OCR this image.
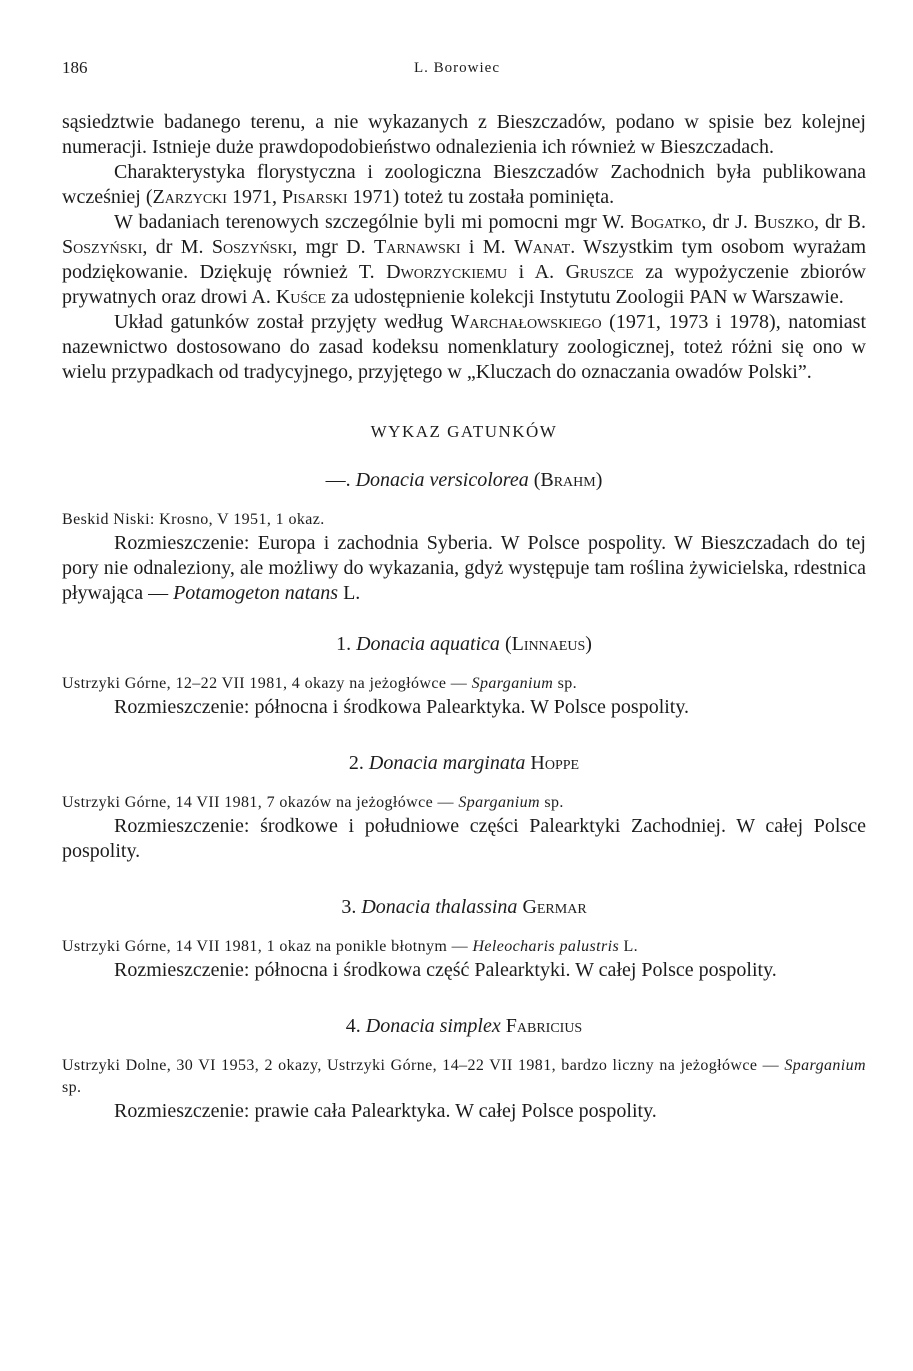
186	L. Borowiec

sąsiedztwie badanego terenu, a nie wykazanych z Bieszczadów, podano w spisie bez kolejnej numeracji. Istnieje duże prawdopodobieństwo odnalezienia ich również w Bieszczadach.

Charakterystyka florystyczna i zoologiczna Bieszczadów Zachodnich była publikowana wcześniej (Zarzycki 1971, Pisarski 1971) toteż tu została pominięta.

W badaniach terenowych szczególnie byli mi pomocni mgr W. Bogatko, dr J. Buszko, dr B. Soszyński, dr M. Soszyński, mgr D. Tarnawski i M. Wanat. Wszystkim tym osobom wyrażam podziękowanie. Dziękuję również T. Dworzyckiemu i A. Gruszce za wypożyczenie zbiorów prywatnych oraz drowi A. Kuśce za udostępnienie kolekcji Instytutu Zoologii PAN w Warszawie.

Układ gatunków został przyjęty według Warchałowskiego (1971, 1973 i 1978), natomiast nazewnictwo dostosowano do zasad kodeksu nomenklatury zoologicznej, toteż różni się ono w wielu przypadkach od tradycyjnego, przyjętego w „Kluczach do oznaczania owadów Polski”.

WYKAZ GATUNKÓW
—. Donacia versicolorea (Brahm)

Beskid Niski: Krosno, V 1951, 1 okaz.

Rozmieszczenie: Europa i zachodnia Syberia. W Polsce pospolity. W Bieszczadach do tej pory nie odnaleziony, ale możliwy do wykazania, gdyż występuje tam roślina żywicielska, rdestnica pływająca — Potamogeton natans L.

1. Donacia aquatica (Linnaeus)

Ustrzyki Górne, 12–22 VII 1981, 4 okazy na jeżogłówce — Sparganium sp.

Rozmieszczenie: północna i środkowa Palearktyka. W Polsce pospolity.

2. Donacia marginata Hoppe

Ustrzyki Górne, 14 VII 1981, 7 okazów na jeżogłówce — Sparganium sp.

Rozmieszczenie: środkowe i południowe części Palearktyki Zachodniej. W całej Polsce pospolity.

3. Donacia thalassina Germar

Ustrzyki Górne, 14 VII 1981, 1 okaz na ponikle błotnym — Heleocharis palustris L.

Rozmieszczenie: północna i środkowa część Palearktyki. W całej Polsce pospolity.

4. Donacia simplex Fabricius

Ustrzyki Dolne, 30 VI 1953, 2 okazy, Ustrzyki Górne, 14–22 VII 1981, bardzo liczny na jeżogłówce — Sparganium sp.

Rozmieszczenie: prawie cała Palearktyka. W całej Polsce pospolity.
